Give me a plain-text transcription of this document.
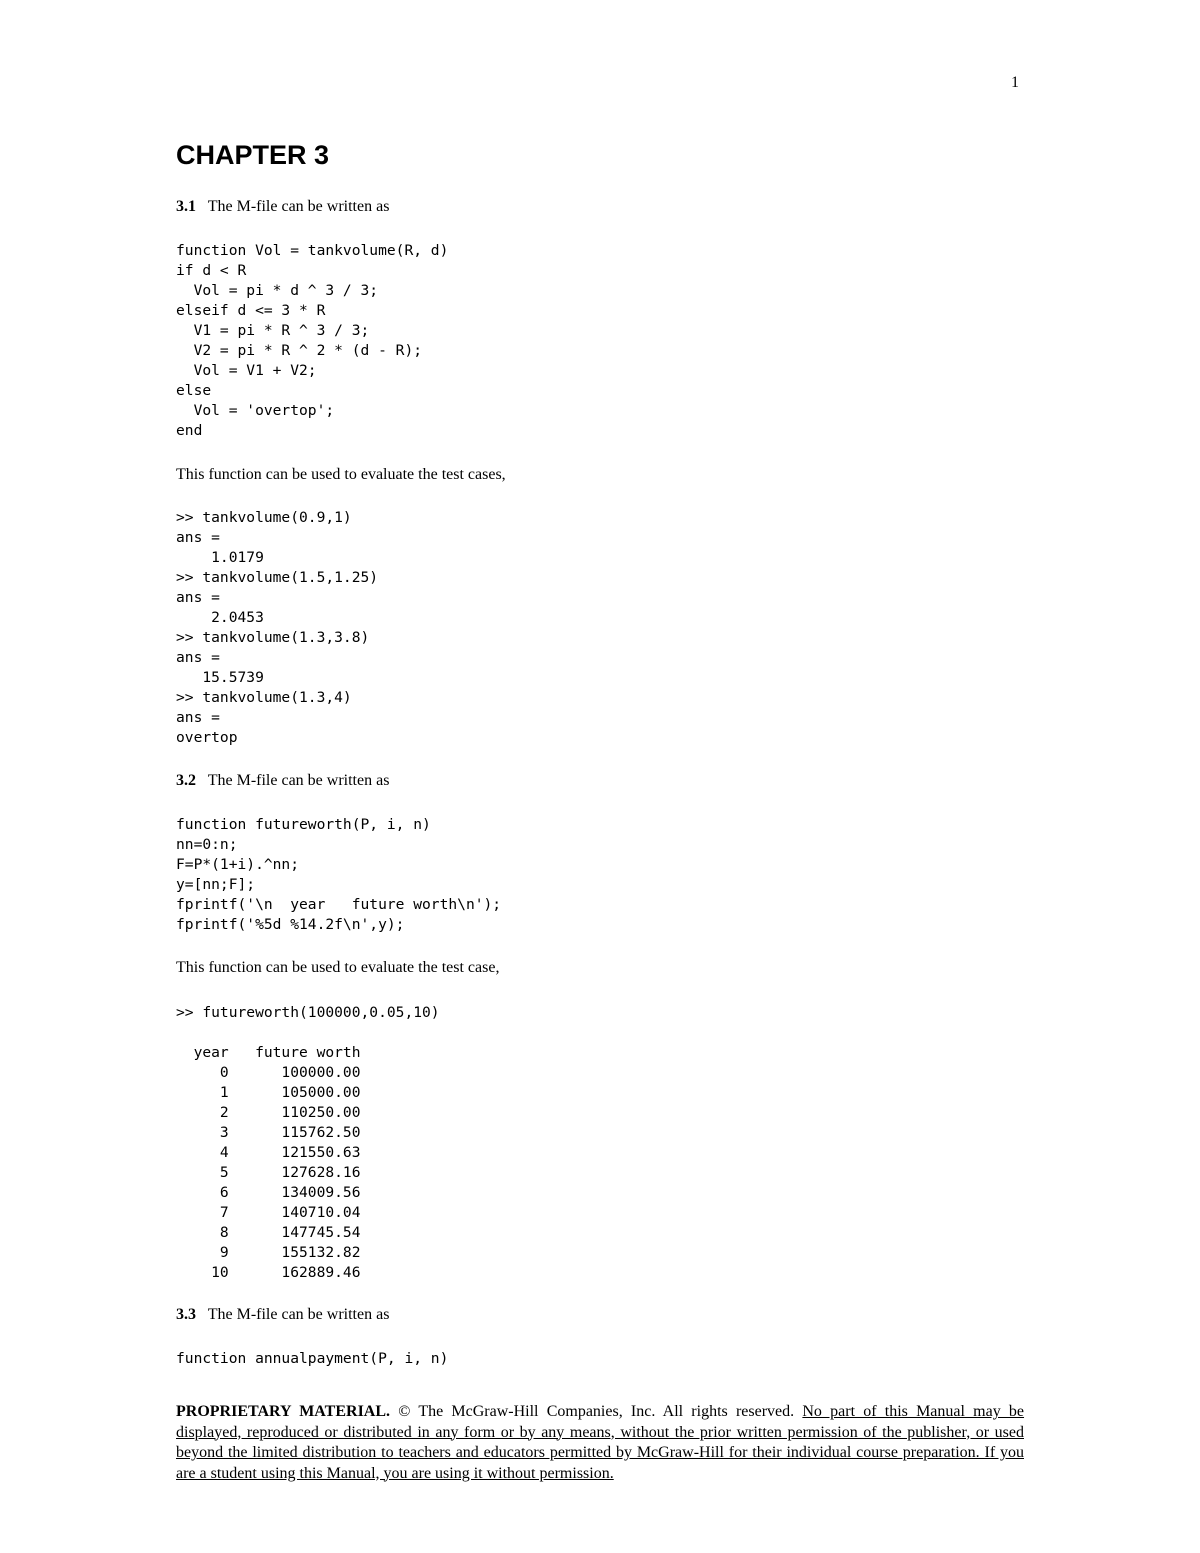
1
CHAPTER 3
3.1 The M-file can be written as
function Vol = tankvolume(R, d)
if d < R
Vol = pi * d ^ 3 / 3;
elseif d <= 3 * R
V1 = pi * R ^ 3 / 3;
V2 = pi * R ^ 2 * (d - R);
Vol = V1 + V2;
else
Vol = 'overtop';
end
This function can be used to evaluate the test cases,
>> tankvolume(0.9,1)
ans =
1.0179
>> tankvolume(1.5,1.25)
ans =
2.0453
>> tankvolume(1.3,3.8)
ans =
15.5739
>> tankvolume(1.3,4)
ans =
overtop
3.2 The M-file can be written as
function futureworth(P, i, n)
nn=0:n;
F=P*(1+i).^nn;
y=[nn;F];
fprintf('\n  year   future worth\n');
fprintf('%5d %14.2f\n',y);
This function can be used to evaluate the test case,
>> futureworth(100000,0.05,10)

year   future worth
0      100000.00
1      105000.00
2      110250.00
3      115762.50
4      121550.63
5      127628.16
6      134009.56
7      140710.04
8      147745.54
9      155132.82
10      162889.46
3.3 The M-file can be written as
function annualpayment(P, i, n)
PROPRIETARY MATERIAL. © The McGraw-Hill Companies, Inc. All rights reserved. No part of this Manual may be displayed, reproduced or distributed in any form or by any means, without the prior written permission of the publisher, or used beyond the limited distribution to teachers and educators permitted by McGraw-Hill for their individual course preparation. If you are a student using this Manual, you are using it without permission.
